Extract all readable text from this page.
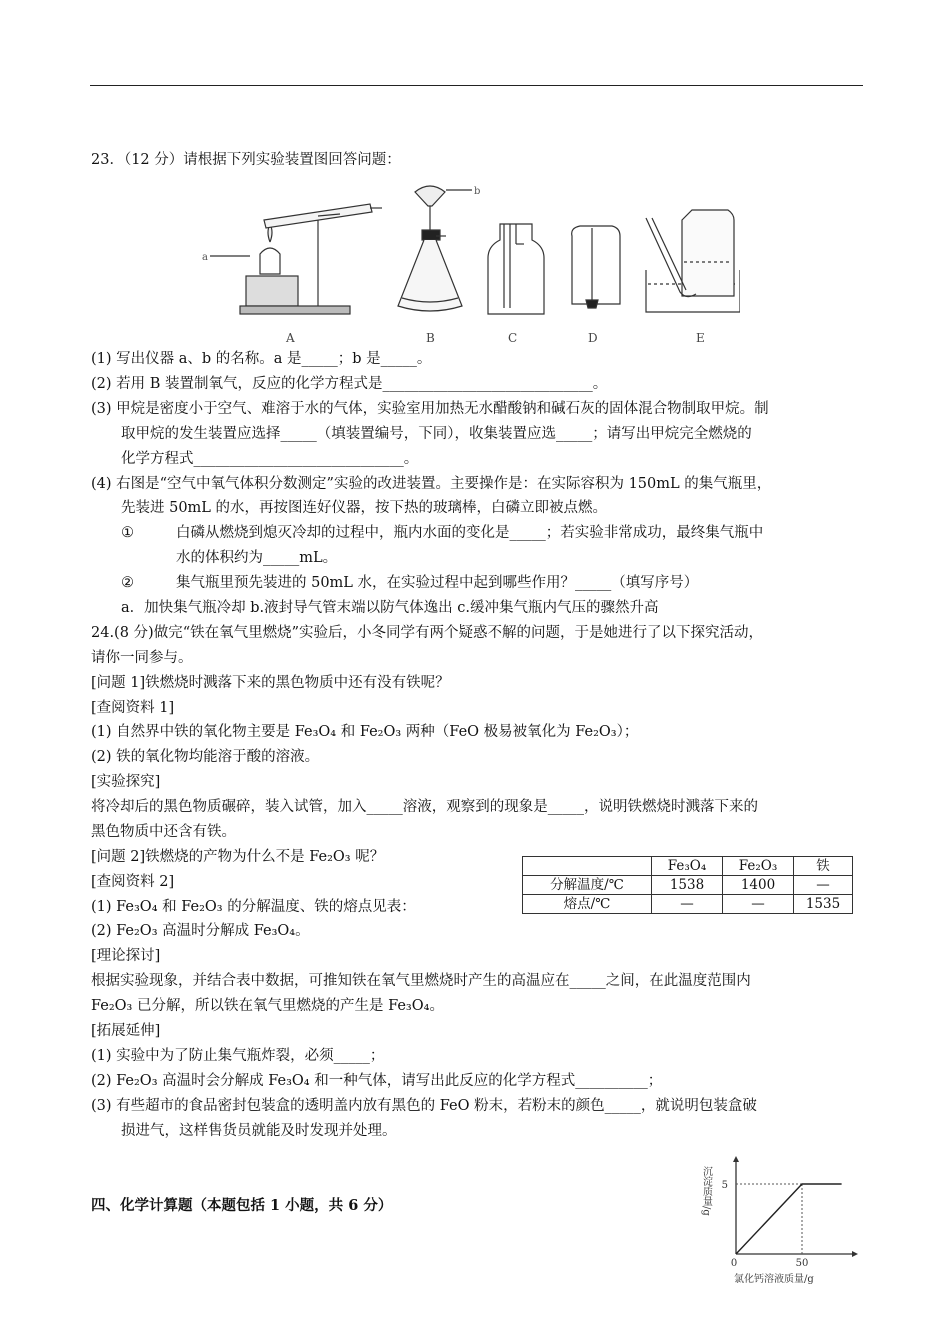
23．（12 分）请根据下列实验装置图回答问题：
a
A
b
B	C	D	E
(1) 写出仪器 a、b 的名称。a 是_____；b 是_____。
(2) 若用 B 装置制氧气，反应的化学方程式是_____________________________。
(3) 甲烷是密度小于空气、难溶于水的气体，实验室用加热无水醋酸钠和碱石灰的固体混合物制取甲烷。制
取甲烷的发生装置应选择_____（填装置编号，下同），收集装置应选_____；请写出甲烷完全燃烧的
化学方程式_____________________________。
(4) 右图是“空气中氧气体积分数测定”实验的改进装置。主要操作是：在实际容积为 150mL 的集气瓶里，
先装进 50mL 的水，再按图连好仪器，按下热的玻璃棒，白磷立即被点燃。
①	白磷从燃烧到熄灭冷却的过程中，瓶内水面的变化是_____；若实验非常成功，最终集气瓶中
水的体积约为_____mL。
②	集气瓶里预先装进的 50mL 水，在实验过程中起到哪些作用？_____（填写序号）
a．加快集气瓶冷却 b.液封导气管末端以防气体逸出 c.缓冲集气瓶内气压的骤然升高
24.(8 分)做完“铁在氧气里燃烧”实验后，小冬同学有两个疑惑不解的问题，于是她进行了以下探究活动，
请你一同参与。
[问题 1]铁燃烧时溅落下来的黑色物质中还有没有铁呢？
[查阅资料 1]
(1) 自然界中铁的氧化物主要是 Fe₃O₄ 和 Fe₂O₃ 两种（FeO 极易被氧化为 Fe₂O₃）；
(2) 铁的氧化物均能溶于酸的溶液。
[实验探究]
将冷却后的黑色物质碾碎，装入试管，加入_____溶液，观察到的现象是_____，说明铁燃烧时溅落下来的
黑色物质中还含有铁。
[问题 2]铁燃烧的产物为什么不是 Fe₂O₃ 呢？
[查阅资料 2]
(1) Fe₃O₄ 和 Fe₂O₃ 的分解温度、铁的熔点见表：
(2) Fe₂O₃ 高温时分解成 Fe₃O₄。
	Fe₃O₄	Fe₂O₃	铁
分解温度/℃	1538	1400	—
熔点/℃	—	—	1535
[理论探讨]
根据实验现象，并结合表中数据，可推知铁在氧气里燃烧时产生的高温应在_____之间，在此温度范围内
Fe₂O₃ 已分解，所以铁在氧气里燃烧的产生是 Fe₃O₄。
[拓展延伸]
(1) 实验中为了防止集气瓶炸裂，必须_____；
(2) Fe₂O₃ 高温时会分解成 Fe₃O₄ 和一种气体，请写出此反应的化学方程式__________；
(3) 有些超市的食品密封包装盒的透明盖内放有黑色的 FeO 粉末，若粉末的颜色_____，就说明包装盒破
损进气，这样售货员就能及时发现并处理。
四、化学计算题（本题包括 1 小题，共 6 分）	沉淀质量/g 5
50
0
氯化钙溶液质量/g
